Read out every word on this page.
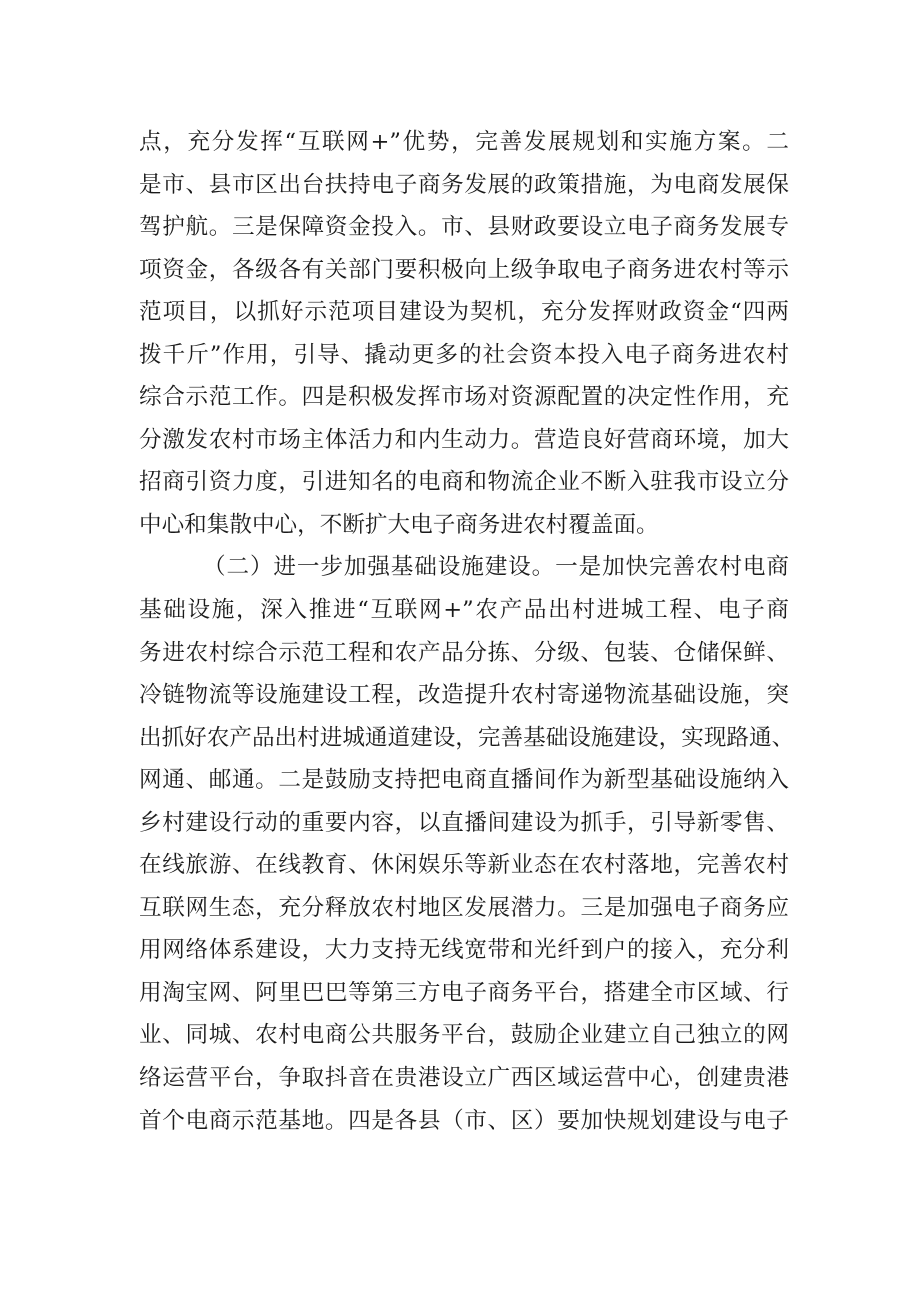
点，充分发挥“互联网+”优势，完善发展规划和实施方案。二
是市、县市区出台扶持电子商务发展的政策措施，为电商发展保
驾护航。三是保障资金投入。市、县财政要设立电子商务发展专
项资金，各级各有关部门要积极向上级争取电子商务进农村等示
范项目，以抓好示范项目建设为契机，充分发挥财政资金“四两
拨千斤”作用，引导、撬动更多的社会资本投入电子商务进农村
综合示范工作。四是积极发挥市场对资源配置的决定性作用，充
分激发农村市场主体活力和内生动力。营造良好营商环境，加大
招商引资力度，引进知名的电商和物流企业不断入驻我市设立分
中心和集散中心，不断扩大电子商务进农村覆盖面。
（二）进一步加强基础设施建设。一是加快完善农村电商
基础设施，深入推进“互联网+”农产品出村进城工程、电子商
务进农村综合示范工程和农产品分拣、分级、包装、仓储保鲜、
冷链物流等设施建设工程，改造提升农村寄递物流基础设施，突
出抓好农产品出村进城通道建设，完善基础设施建设，实现路通、
网通、邮通。二是鼓励支持把电商直播间作为新型基础设施纳入
乡村建设行动的重要内容，以直播间建设为抓手，引导新零售、
在线旅游、在线教育、休闲娱乐等新业态在农村落地，完善农村
互联网生态，充分释放农村地区发展潜力。三是加强电子商务应
用网络体系建设，大力支持无线宽带和光纤到户的接入，充分利
用淘宝网、阿里巴巴等第三方电子商务平台，搭建全市区域、行
业、同城、农村电商公共服务平台，鼓励企业建立自己独立的网
络运营平台，争取抖音在贵港设立广西区域运营中心，创建贵港
首个电商示范基地。四是各县（市、区）要加快规划建设与电子
